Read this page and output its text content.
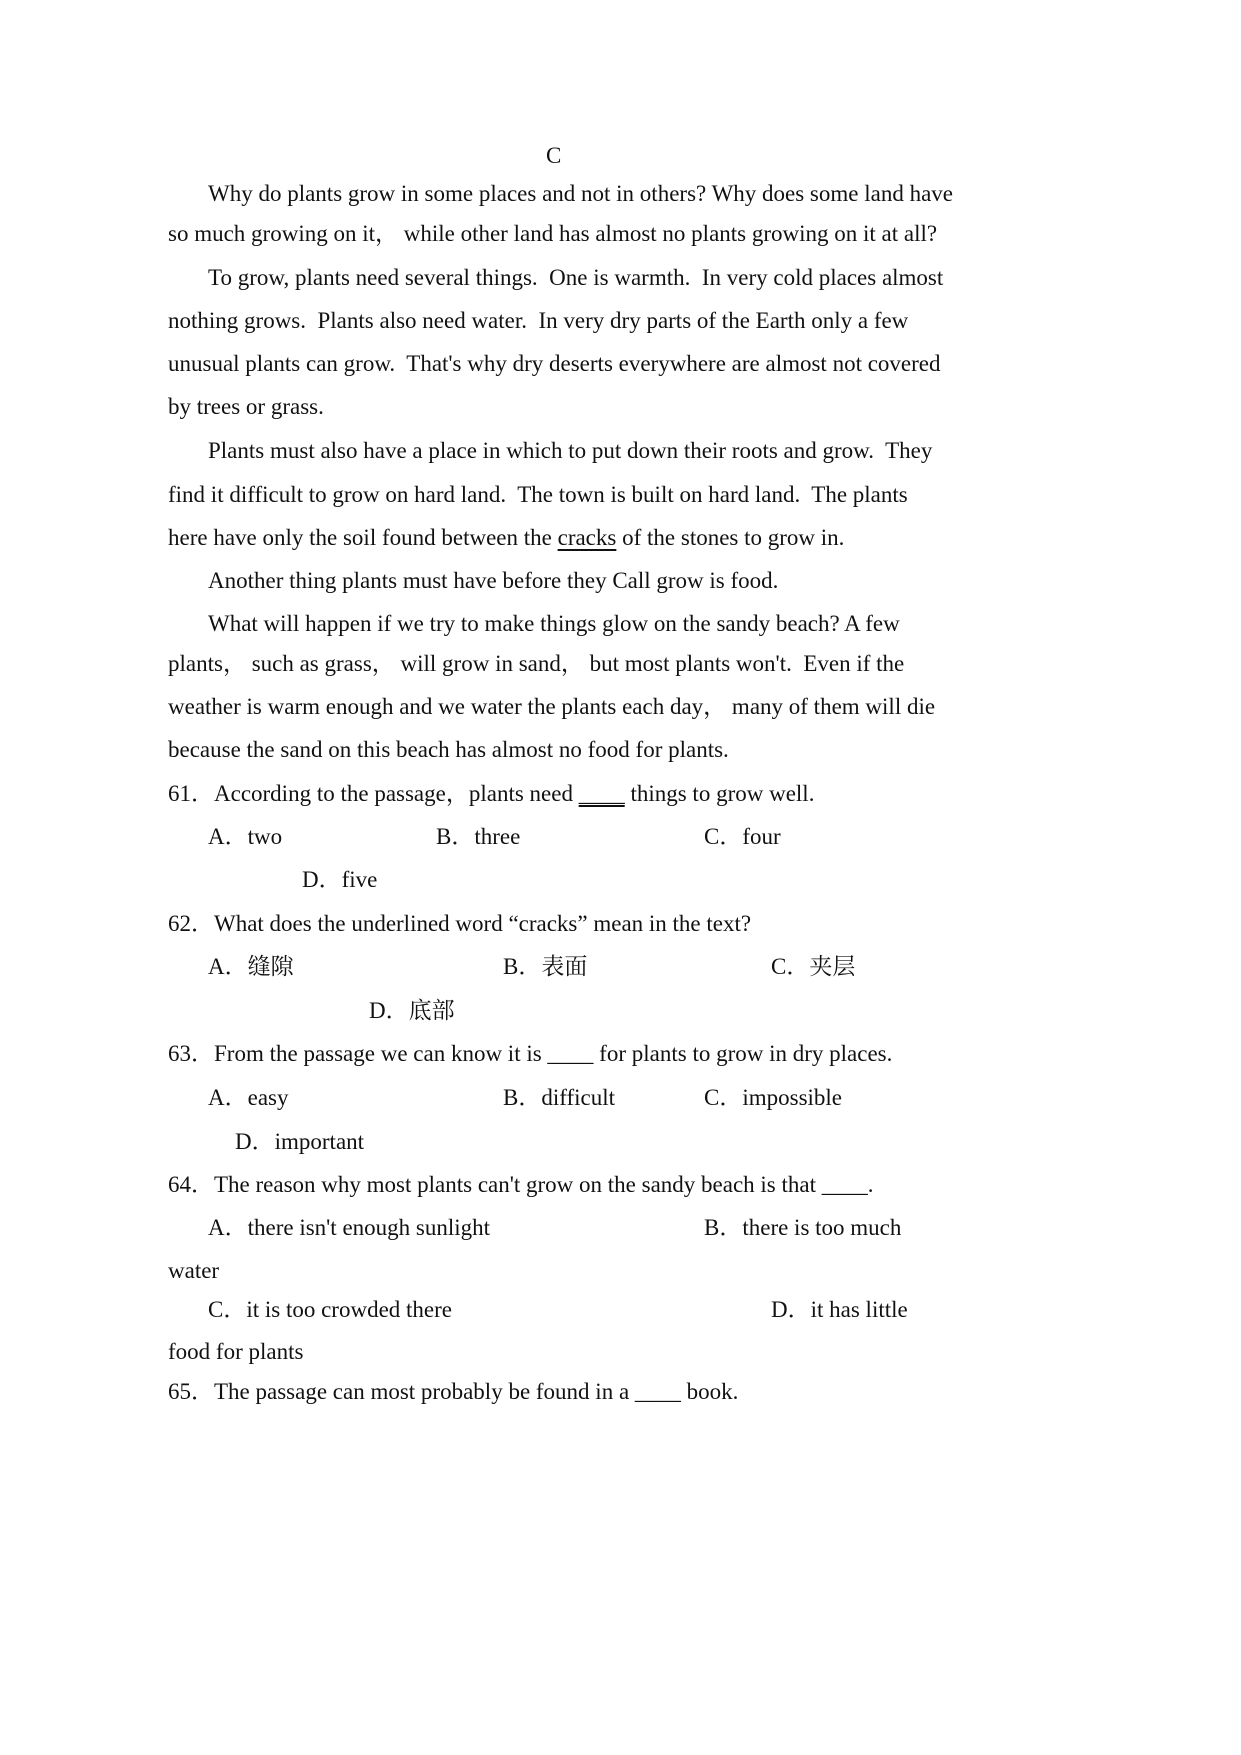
C
Why do plants grow in some places and not in others? Why does some land have
so much growing on it， while other land has almost no plants growing on it at all?
To grow, plants need several things.  One is warmth.  In very cold places almost
nothing grows.  Plants also need water.  In very dry parts of the Earth only a few
unusual plants can grow.  That's why dry deserts everywhere are almost not covered
by trees or grass.
Plants must also have a place in which to put down their roots and grow.  They
find it difficult to grow on hard land.  The town is built on hard land.  The plants
here have only the soil found between the cracks of the stones to grow in.
Another thing plants must have before they Call grow is food.
What will happen if we try to make things glow on the sandy beach? A few
plants， such as grass， will grow in sand， but most plants won't.  Even if the
weather is warm enough and we water the plants each day， many of them will die
because the sand on this beach has almost no food for plants.
61．According to the passage，plants need ____ things to grow well.
A．two	B．three	C．four
D．five
62．What does the underlined word “cracks” mean in the text?
A．缝隙	B．表面	C．夹层
D．底部
63．From the passage we can know it is ____ for plants to grow in dry places.
A．easy	B．difficult	C．impossible
D．important
64．The reason why most plants can't grow on the sandy beach is that ____.
A．there isn't enough sunlight	B．there is too much
water
C．it is too crowded there	D．it has little
food for plants
65．The passage can most probably be found in a ____ book.
